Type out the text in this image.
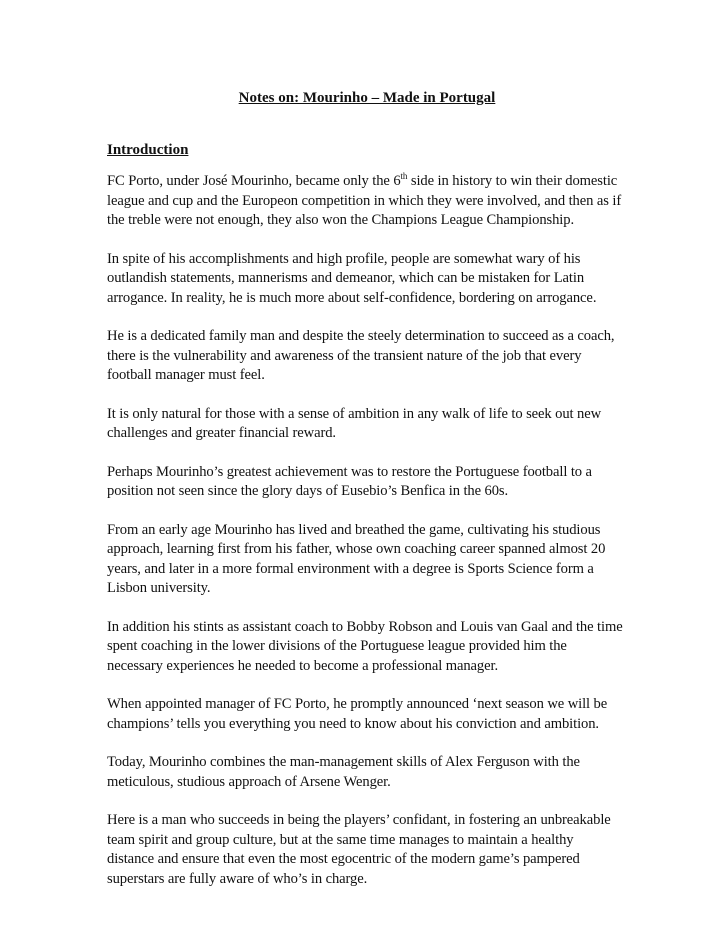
Notes on: Mourinho – Made in Portugal
Introduction

FC Porto, under José Mourinho, became only the 6th side in history to win their domestic
league and cup and the Europeon competition in which they were involved, and then as if
the treble were not enough, they also won the Champions League Championship.

In spite of his accomplishments and high profile, people are somewhat wary of his
outlandish statements, mannerisms and demeanor, which can be mistaken for Latin
arrogance. In reality, he is much more about self-confidence, bordering on arrogance.

He is a dedicated family man and despite the steely determination to succeed as a coach,
there is the vulnerability and awareness of the transient nature of the job that every
football manager must feel.

It is only natural for those with a sense of ambition in any walk of life to seek out new
challenges and greater financial reward.

Perhaps Mourinho’s greatest achievement was to restore the Portuguese football to a
position not seen since the glory days of Eusebio’s Benfica in the 60s.

From an early age Mourinho has lived and breathed the game, cultivating his studious
approach, learning first from his father, whose own coaching career spanned almost 20
years, and later in a more formal environment with a degree is Sports Science form a
Lisbon university.

In addition his stints as assistant coach to Bobby Robson and Louis van Gaal and the time
spent coaching in the lower divisions of the Portuguese league provided him the
necessary experiences he needed to become a professional manager.

When appointed manager of FC Porto, he promptly announced ‘next season we will be
champions’ tells you everything you need to know about his conviction and ambition.

Today, Mourinho combines the man-management skills of Alex Ferguson with the
meticulous, studious approach of Arsene Wenger.

Here is a man who succeeds in being the players’ confidant, in fostering an unbreakable
team spirit and group culture, but at the same time manages to maintain a healthy
distance and ensure that even the most egocentric of the modern game’s pampered
superstars are fully aware of who’s in charge.
